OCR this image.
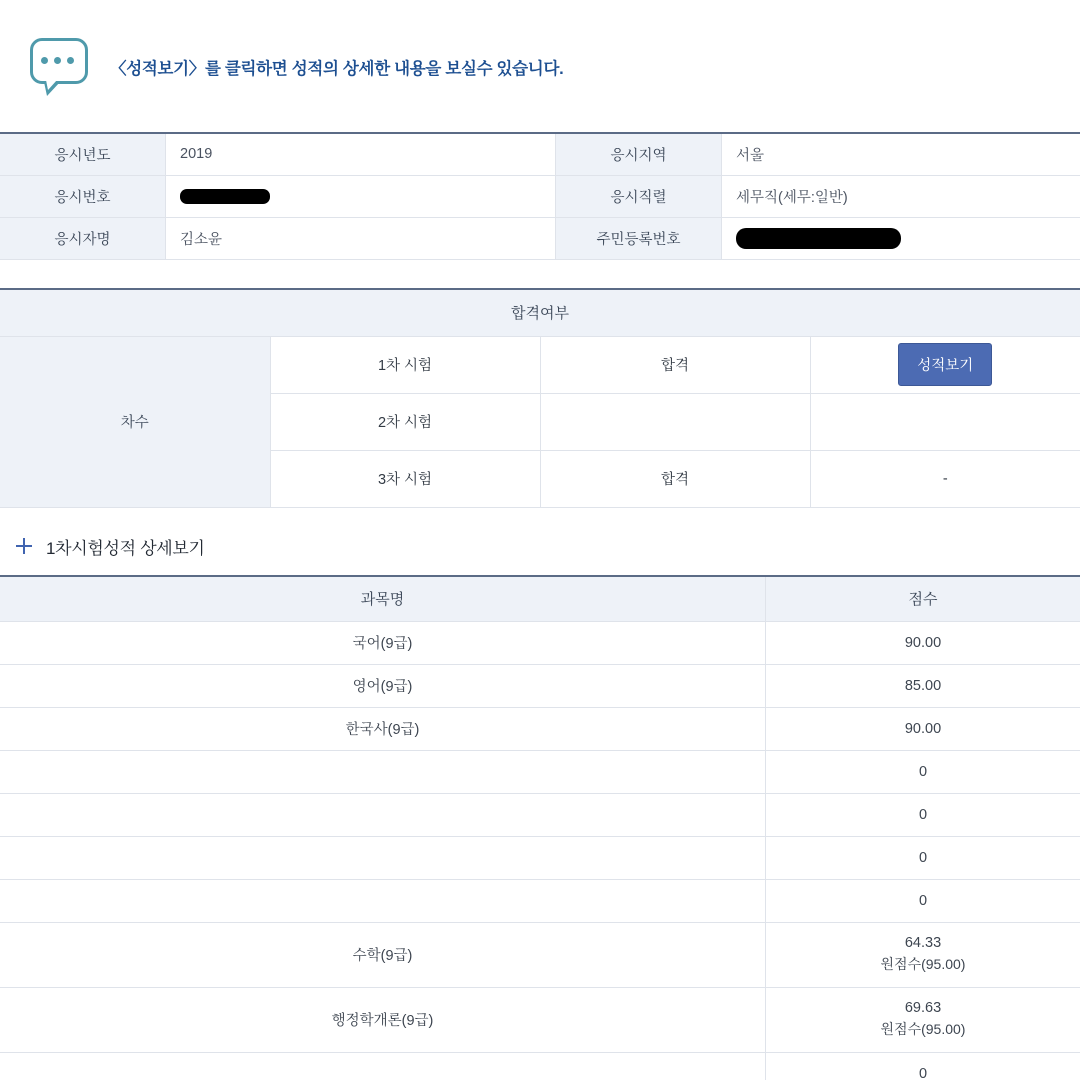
〈성적보기〉를 클릭하면 성적의 상세한 내용을 보실수 있습니다.
응시년도	2019	응시지역	서울
응시번호		응시직렬	세무직(세무:일반)
응시자명	김소윤	주민등록번호	
합격여부			
차수	1차 시험	합격	성적보기
	2차 시험		
	3차 시험	합격	-
1차시험성적 상세보기
과목명	점수
국어(9급)	90.00
영어(9급)	85.00
한국사(9급)	90.00
	0
	0
	0
	0
수학(9급)	64.33
원점수(95.00)

행정학개론(9급)	69.63
원점수(95.00)

	0
